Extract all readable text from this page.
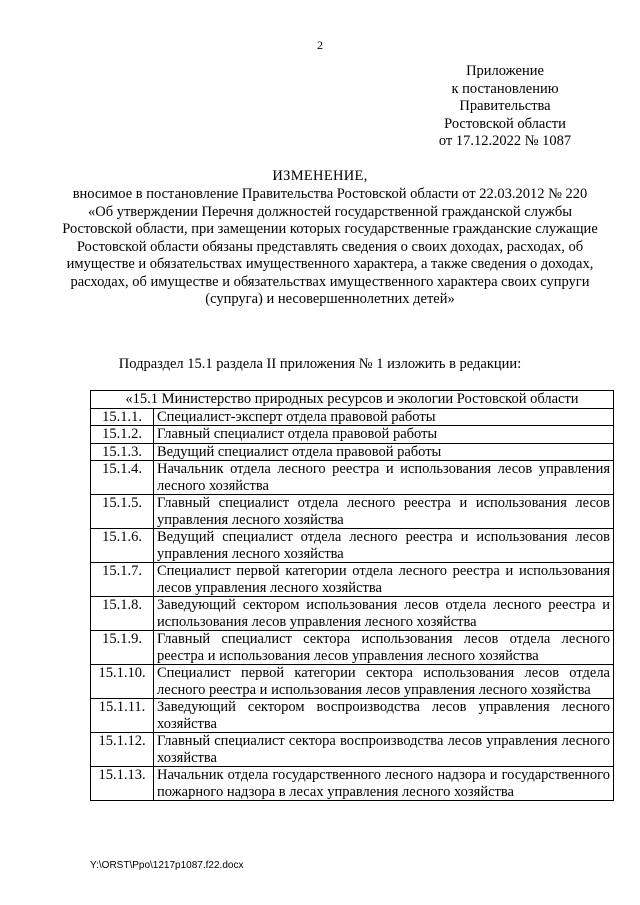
2
Приложение
к постановлению
Правительства
Ростовской области
от 17.12.2022 № 1087
ИЗМЕНЕНИЕ,
вносимое в постановление Правительства Ростовской области от 22.03.2012 № 220 «Об утверждении Перечня должностей государственной гражданской службы Ростовской области, при замещении которых государственные гражданские служащие Ростовской области обязаны представлять сведения о своих доходах, расходах, об имуществе и обязательствах имущественного характера, а также сведения о доходах, расходах, об имуществе и обязательствах имущественного характера своих супруги (супруга) и несовершеннолетних детей»
Подраздел 15.1 раздела II приложения № 1 изложить в редакции:
«15.1 Министерство природных ресурсов и экологии Ростовской области	
15.1.1.	Специалист-эксперт отдела правовой работы
15.1.2.	Главный специалист отдела правовой работы
15.1.3.	Ведущий специалист отдела правовой работы
15.1.4.	Начальник отдела лесного реестра и использования лесов управления лесного хозяйства
15.1.5.	Главный специалист отдела лесного реестра и использования лесов управления лесного хозяйства
15.1.6.	Ведущий специалист отдела лесного реестра и использования лесов управления лесного хозяйства
15.1.7.	Специалист первой категории отдела лесного реестра и использования лесов управления лесного хозяйства
15.1.8.	Заведующий сектором использования лесов отдела лесного реестра и использования лесов управления лесного хозяйства
15.1.9.	Главный специалист сектора использования лесов отдела лесного реестра и использования лесов управления лесного хозяйства
15.1.10.	Специалист первой категории сектора использования лесов отдела лесного реестра и использования лесов управления лесного хозяйства
15.1.11.	Заведующий сектором воспроизводства лесов управления лесного хозяйства
15.1.12.	Главный специалист сектора воспроизводства лесов управления лесного хозяйства
15.1.13.	Начальник отдела государственного лесного надзора и государственного пожарного надзора в лесах управления лесного хозяйства
Y:\ORST\Ppo\1217p1087.f22.docx
